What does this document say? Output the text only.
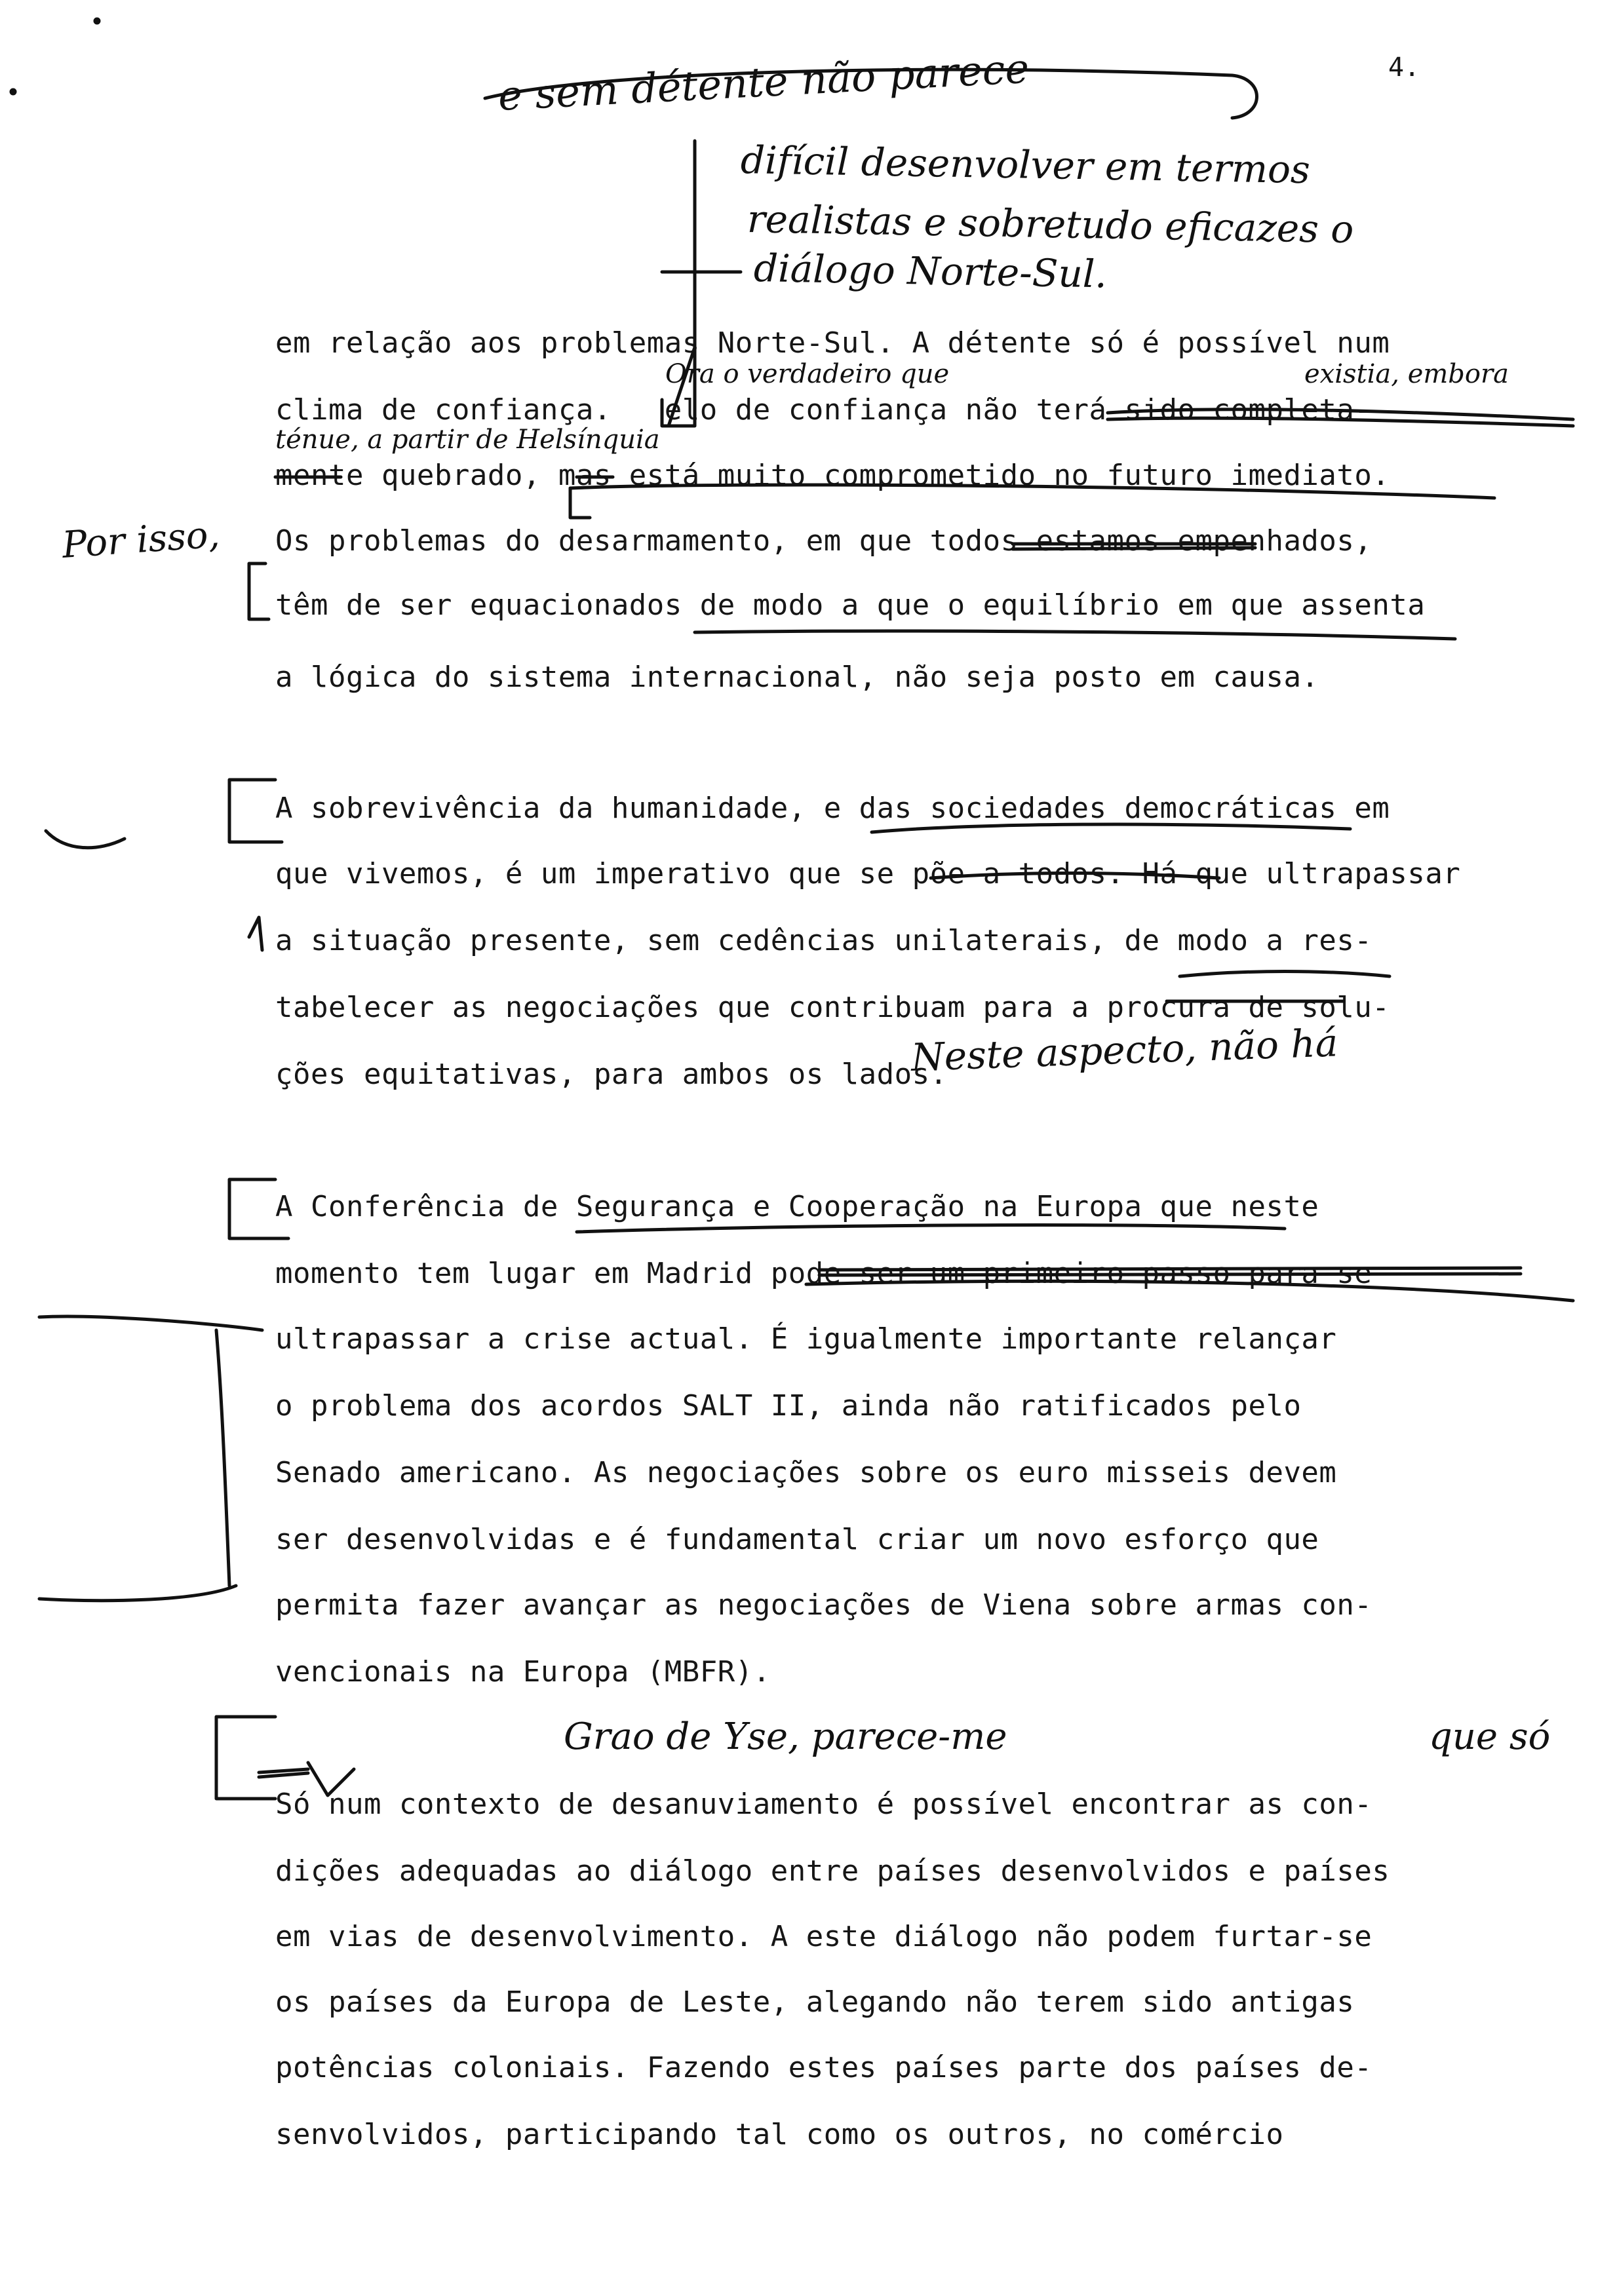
4.
em relação aos problemas Norte-Sul. A détente só é possível num
clima de confiança.   elo de confiança não terá sido completa-
mente quebrado, mas está muito comprometido no futuro imediato.
Os problemas do desarmamento, em que todos estamos empenhados,
têm de ser equacionados de modo a que o equilíbrio em que assenta
a lógica do sistema internacional, não seja posto em causa.
A sobrevivência da humanidade, e das sociedades democráticas em
que vivemos, é um imperativo que se põe a todos. Há que ultrapassar
a situação presente, sem cedências unilaterais, de modo a res-
tabelecer as negociações que contribuam para a procura de solu-
ções equitativas, para ambos os lados.
A Conferência de Segurança e Cooperação na Europa que neste
momento tem lugar em Madrid pode ser um primeiro passo para se
ultrapassar a crise actual. É igualmente importante relançar
o problema dos acordos SALT II, ainda não ratificados pelo
Senado americano. As negociações sobre os euro misseis devem
ser desenvolvidas e é fundamental criar um novo esforço que
permita fazer avançar as negociações de Viena sobre armas con-
vencionais na Europa (MBFR).
Só num contexto de desanuviamento é possível encontrar as con-
dições adequadas ao diálogo entre países desenvolvidos e países
em vias de desenvolvimento. A este diálogo não podem furtar-se
os países da Europa de Leste, alegando não terem sido antigas
potências coloniais. Fazendo estes países parte dos países de-
senvolvidos, participando tal como os outros, no comércio
e sem détente não parece
difícil desenvolver em termos
realistas e sobretudo eficazes o
diálogo Norte-Sul.
Ora o verdadeiro que	existia, embora
ténue, a partir de Helsínquia
Por isso,
Neste aspecto, não há
Grao de Yse, parece-me	que só
